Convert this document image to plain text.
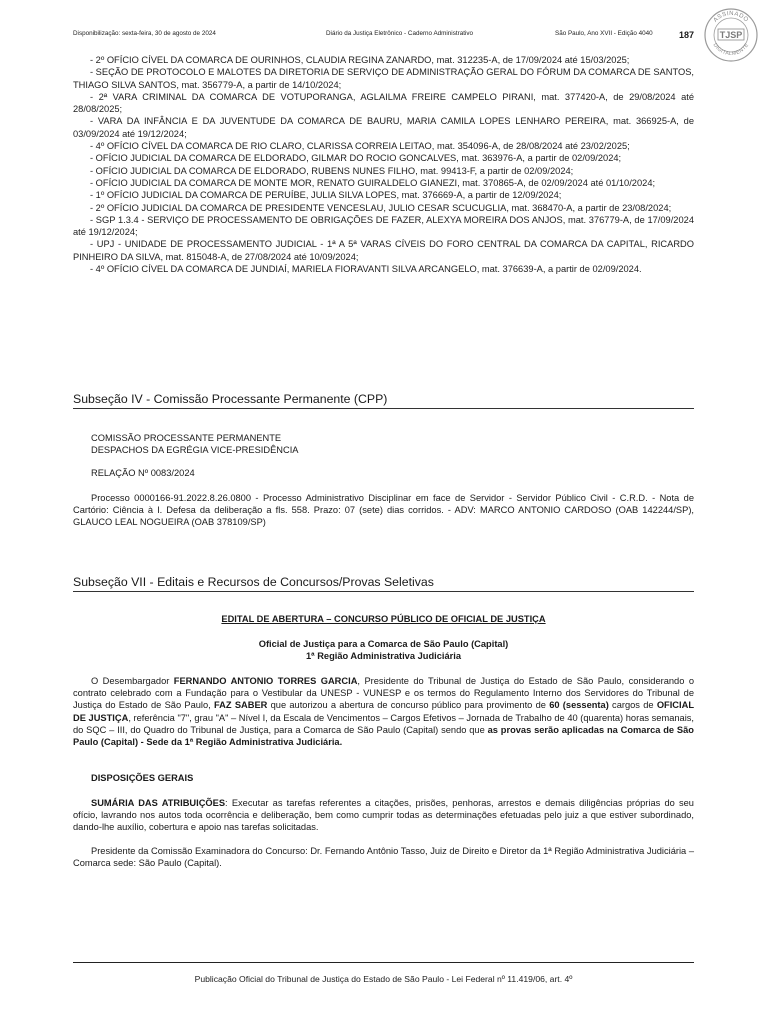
Disponibilização: sexta-feira, 30 de agosto de 2024	Diário da Justiça Eletrônico - Caderno Administrativo	São Paulo, Ano XVII - Edição 4040	187
ASSINADO
DIGITALMENTE
TJSP

- 2º OFÍCIO CÍVEL DA COMARCA DE OURINHOS, CLAUDIA REGINA ZANARDO, mat. 312235-A, de 17/09/2024 até 15/03/2025;

- SEÇÃO DE PROTOCOLO E MALOTES DA DIRETORIA DE SERVIÇO DE ADMINISTRAÇÃO GERAL DO FÓRUM DA COMARCA DE SANTOS, THIAGO SILVA SANTOS, mat. 356779-A, a partir de 14/10/2024;

- 2ª VARA CRIMINAL DA COMARCA DE VOTUPORANGA, AGLAILMA FREIRE CAMPELO PIRANI, mat. 377420-A, de 29/08/2024 até 28/08/2025;

- VARA DA INFÂNCIA E DA JUVENTUDE DA COMARCA DE BAURU, MARIA CAMILA LOPES LENHARO PEREIRA, mat. 366925-A, de 03/09/2024 até 19/12/2024;

- 4º OFÍCIO CÍVEL DA COMARCA DE RIO CLARO, CLARISSA CORREIA LEITAO, mat. 354096-A, de 28/08/2024 até 23/02/2025;

- OFÍCIO JUDICIAL DA COMARCA DE ELDORADO, GILMAR DO ROCIO GONCALVES, mat. 363976-A, a partir de 02/09/2024;

- OFÍCIO JUDICIAL DA COMARCA DE ELDORADO, RUBENS NUNES FILHO, mat. 99413-F, a partir de 02/09/2024;

- OFÍCIO JUDICIAL DA COMARCA DE MONTE MOR, RENATO GUIRALDELO GIANEZI, mat. 370865-A, de 02/09/2024 até 01/10/2024;

- 1º OFÍCIO JUDICIAL DA COMARCA DE PERUÍBE, JULIA SILVA LOPES, mat. 376669-A, a partir de 12/09/2024;

- 2º OFÍCIO JUDICIAL DA COMARCA DE PRESIDENTE VENCESLAU, JULIO CESAR SCUCUGLIA, mat. 368470-A, a partir de 23/08/2024;

- SGP 1.3.4 - SERVIÇO DE PROCESSAMENTO DE OBRIGAÇÕES DE FAZER, ALEXYA MOREIRA DOS ANJOS, mat. 376779-A, de 17/09/2024 até 19/12/2024;

- UPJ - UNIDADE DE PROCESSAMENTO JUDICIAL - 1ª A 5ª VARAS CÍVEIS DO FORO CENTRAL DA COMARCA DA CAPITAL, RICARDO PINHEIRO DA SILVA, mat. 815048-A, de 27/08/2024 até 10/09/2024;

- 4º OFÍCIO CÍVEL DA COMARCA DE JUNDIAÍ, MARIELA FIORAVANTI SILVA ARCANGELO, mat. 376639-A, a partir de 02/09/2024.

Subseção IV - Comissão Processante Permanente (CPP)

COMISSÃO PROCESSANTE PERMANENTE

DESPACHOS DA EGRÉGIA VICE-PRESIDÊNCIA

RELAÇÃO Nº 0083/2024

Processo 0000166-91.2022.8.26.0800 - Processo Administrativo Disciplinar em face de Servidor - Servidor Público Civil - C.R.D. - Nota de Cartório: Ciência à I. Defesa da deliberação a fls. 558. Prazo: 07 (sete) dias corridos. - ADV: MARCO ANTONIO CARDOSO (OAB 142244/SP), GLAUCO LEAL NOGUEIRA (OAB 378109/SP)

Subseção VII - Editais e Recursos de Concursos/Provas Seletivas
EDITAL DE ABERTURA – CONCURSO PÚBLICO DE OFICIAL DE JUSTIÇA
Oficial de Justiça para a Comarca de São Paulo (Capital)
1ª Região Administrativa Judiciária

O Desembargador FERNANDO ANTONIO TORRES GARCIA, Presidente do Tribunal de Justiça do Estado de São Paulo, considerando o contrato celebrado com a Fundação para o Vestibular da UNESP - VUNESP e os termos do Regulamento Interno dos Servidores do Tribunal de Justiça do Estado de São Paulo, FAZ SABER que autorizou a abertura de concurso público para provimento de 60 (sessenta) cargos de OFICIAL DE JUSTIÇA, referência "7", grau "A" – Nível I, da Escala de Vencimentos – Cargos Efetivos – Jornada de Trabalho de 40 (quarenta) horas semanais, do SQC – III, do Quadro do Tribunal de Justiça, para a Comarca de São Paulo (Capital) sendo que as provas serão aplicadas na Comarca de São Paulo (Capital) - Sede da 1ª Região Administrativa Judiciária.

DISPOSIÇÕES GERAIS

SUMÁRIA DAS ATRIBUIÇÕES: Executar as tarefas referentes a citações, prisões, penhoras, arrestos e demais diligências próprias do seu ofício, lavrando nos autos toda ocorrência e deliberação, bem como cumprir todas as determinações efetuadas pelo juiz a que estiver subordinado, dando-lhe auxílio, cobertura e apoio nas tarefas solicitadas.

Presidente da Comissão Examinadora do Concurso: Dr. Fernando Antônio Tasso, Juiz de Direito e Diretor da 1ª Região Administrativa Judiciária – Comarca sede: São Paulo (Capital).

Publicação Oficial do Tribunal de Justiça do Estado de São Paulo - Lei Federal nº 11.419/06, art. 4º
